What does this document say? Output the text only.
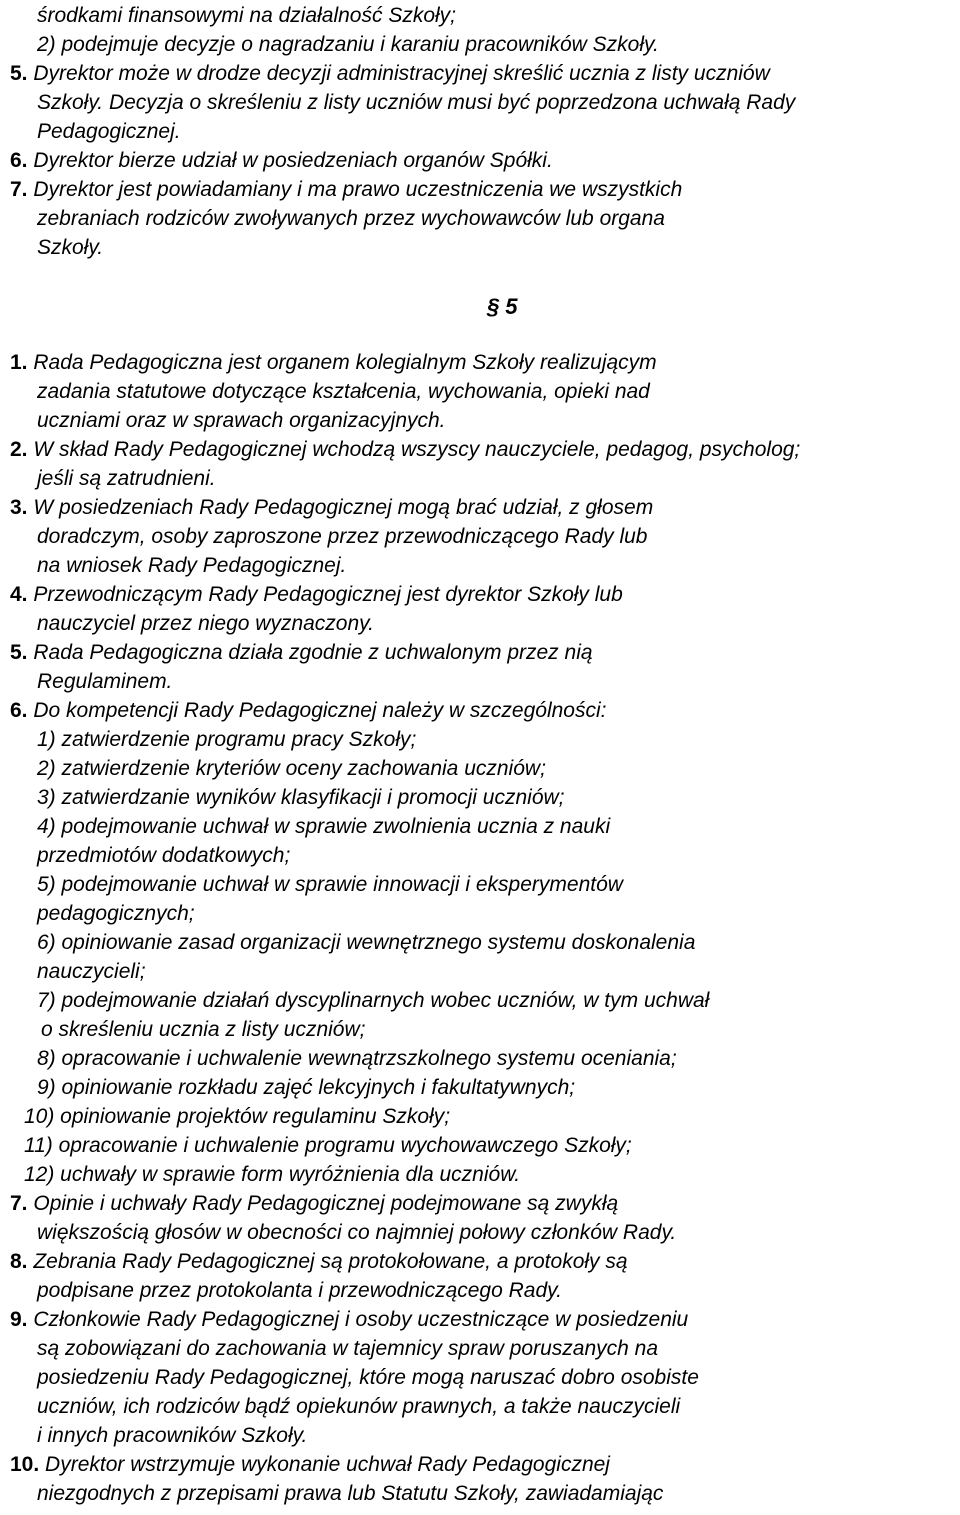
środkami finansowymi na działalność Szkoły;
2) podejmuje decyzje o nagradzaniu i karaniu pracowników Szkoły.
5. Dyrektor może w drodze decyzji administracyjnej skreślić ucznia z listy uczniów
Szkoły. Decyzja o skreśleniu z listy uczniów musi być poprzedzona uchwałą Rady
Pedagogicznej.
6. Dyrektor bierze udział w posiedzeniach organów Spółki.
7. Dyrektor jest powiadamiany i ma prawo uczestniczenia we wszystkich
zebraniach rodziców zwoływanych przez wychowawców lub organa
Szkoły.
§ 5
1. Rada Pedagogiczna jest organem kolegialnym Szkoły realizującym
zadania statutowe dotyczące kształcenia, wychowania, opieki nad
uczniami oraz w sprawach organizacyjnych.
2. W skład Rady Pedagogicznej wchodzą wszyscy nauczyciele, pedagog, psycholog;
jeśli są zatrudnieni.
3. W posiedzeniach Rady Pedagogicznej mogą brać udział, z głosem
doradczym, osoby zaproszone przez przewodniczącego Rady lub
na wniosek Rady Pedagogicznej.
4. Przewodniczącym Rady Pedagogicznej jest dyrektor Szkoły lub
nauczyciel przez niego wyznaczony.
5. Rada Pedagogiczna działa zgodnie z uchwalonym przez nią
Regulaminem.
6. Do kompetencji Rady Pedagogicznej należy w szczególności:
1) zatwierdzenie programu pracy Szkoły;
2) zatwierdzenie kryteriów oceny zachowania uczniów;
3) zatwierdzanie wyników klasyfikacji i promocji uczniów;
4) podejmowanie uchwał w sprawie zwolnienia ucznia z nauki
przedmiotów dodatkowych;
5) podejmowanie uchwał w sprawie innowacji i eksperymentów
pedagogicznych;
6) opiniowanie zasad organizacji wewnętrznego systemu doskonalenia
nauczycieli;
7) podejmowanie działań dyscyplinarnych wobec uczniów, w tym uchwał
o skreśleniu ucznia z listy uczniów;
8) opracowanie i uchwalenie wewnątrzszkolnego systemu oceniania;
9) opiniowanie rozkładu zajęć lekcyjnych i fakultatywnych;
10) opiniowanie projektów regulaminu Szkoły;
11) opracowanie i uchwalenie programu wychowawczego Szkoły;
12) uchwały w sprawie form wyróżnienia dla uczniów.
7. Opinie i uchwały Rady Pedagogicznej podejmowane są zwykłą
większością głosów w obecności co najmniej połowy członków Rady.
8. Zebrania Rady Pedagogicznej są protokołowane, a protokoły są
podpisane przez protokolanta i przewodniczącego Rady.
9. Członkowie Rady Pedagogicznej i osoby uczestniczące w posiedzeniu
są zobowiązani do zachowania w tajemnicy spraw poruszanych na
posiedzeniu Rady Pedagogicznej, które mogą naruszać dobro osobiste
uczniów, ich rodziców bądź opiekunów prawnych, a także nauczycieli
i innych pracowników Szkoły.
10. Dyrektor wstrzymuje wykonanie uchwał Rady Pedagogicznej
niezgodnych z przepisami prawa lub Statutu Szkoły, zawiadamiając
